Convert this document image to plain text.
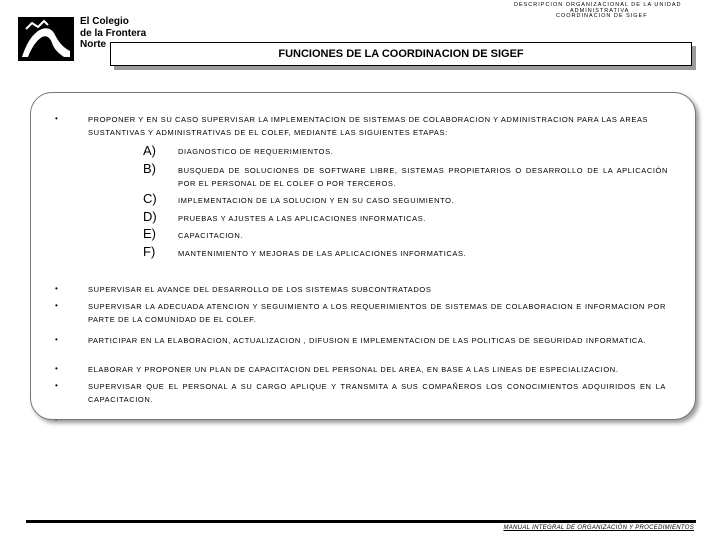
DESCRIPCION ORGANIZACIONAL DE LA UNIDAD
ADMINISTRATIVA
COORDINACION DE SIGEF
El Colegio
de la Frontera
Norte
FUNCIONES DE LA COORDINACION DE SIGEF
•	PROPONER Y EN SU CASO SUPERVISAR LA IMPLEMENTACION DE SISTEMAS DE COLABORACION Y ADMINISTRACION PARA LAS AREAS SUSTANTIVAS Y ADMINISTRATIVAS DE EL COLEF, MEDIANTE LAS SIGUIENTES ETAPAS:
A)	DIAGNOSTICO DE REQUERIMIENTOS.
B)	BUSQUEDA DE SOLUCIONES DE SOFTWARE LIBRE, SISTEMAS PROPIETARIOS O DESARROLLO DE LA APLICACIÓN POR EL PERSONAL DE EL COLEF O POR TERCEROS.
C)	IMPLEMENTACION DE LA SOLUCION Y EN SU CASO SEGUIMIENTO.
D)	PRUEBAS Y AJUSTES A LAS APLICACIONES INFORMATICAS.
E)	CAPACITACION.
F)	MANTENIMIENTO Y MEJORAS DE LAS APLICACIONES INFORMATICAS.
•	SUPERVISAR EL AVANCE DEL DESARROLLO DE LOS SISTEMAS SUBCONTRATADOS
•	SUPERVISAR LA ADECUADA ATENCION Y SEGUIMIENTO A LOS REQUERIMIENTOS DE SISTEMAS DE COLABORACION E INFORMACION POR PARTE DE LA COMUNIDAD DE EL COLEF.
•	PARTICIPAR EN LA ELABORACION, ACTUALIZACION , DIFUSION E IMPLEMENTACION DE LAS POLITICAS DE SEGURIDAD INFORMATICA.
•	ELABORAR Y PROPONER UN PLAN DE CAPACITACION DEL PERSONAL DEL AREA, EN BASE A LAS LINEAS DE ESPECIALIZACION.
•	SUPERVISAR QUE EL PERSONAL A SU CARGO APLIQUE Y TRANSMITA A SUS COMPAÑEROS LOS CONOCIMIENTOS ADQUIRIDOS EN LA CAPACITACION.
.
MANUAL INTEGRAL DE ORGANIZACIÓN Y PROCEDIMIENTOS
